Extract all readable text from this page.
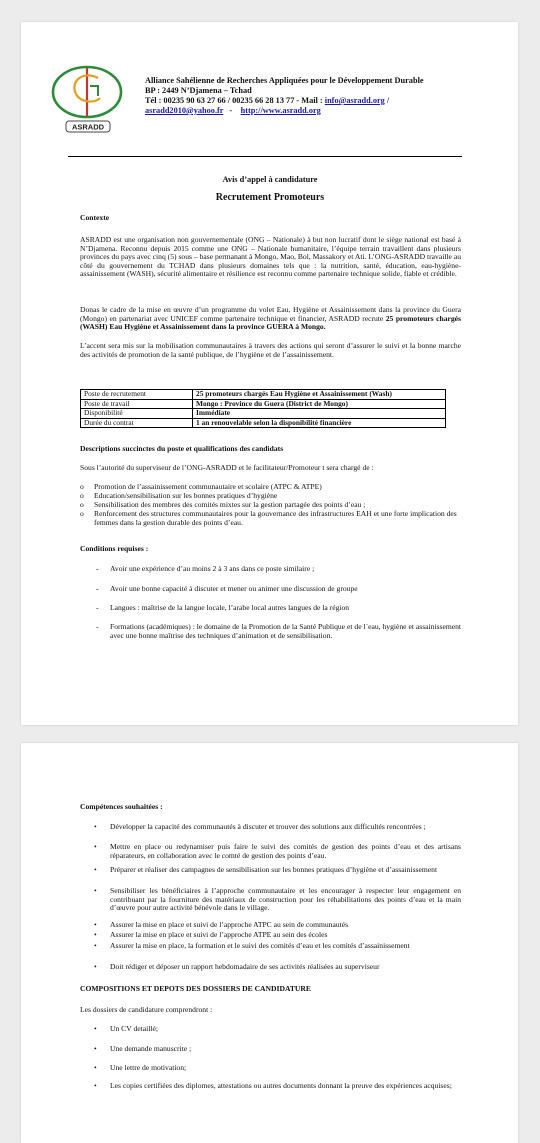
ASRADD
Alliance Sahélienne de Recherches Appliquées pour le Développement Durable
BP : 2449 N’Djamena – Tchad
Tél : 00235 90 63 27 66 / 00235 66 28 13 77 - Mail : info@asradd.org /
asradd2010@yahoo.fr   -    http://www.asradd.org
Avis d’appel à candidature
Recrutement Promoteurs
Contexte
ASRADD est une organisation non gouvernementale (ONG – Nationale) à but non lucratif dont le siège national est basé à N’Djamena. Reconnu depuis 2015 comme une ONG – Nationale humanitaire, l’équipe terrain travaillent dans plusieurs provinces du pays avec cinq (5) sous – base permanant à Mongo, Mao, Bol, Massakory et Ati. L’ONG-ASRADD travaille au côté du gouvernement du TCHAD dans plusieurs domaines tels que : la nutrition, santé, éducation, eau-hygiène-assainissement (WASH), sécurité alimentaire et résilience est reconnu comme partenaire technique solide, fiable et crédible.
Donas le cadre de la mise en œuvre d’un programme du volet Eau, Hygiène et Assainissement dans la province du Guera (Mongo) en partenariat avec UNICEF comme partenaire technique et financier, ASRADD recrute 25 promoteurs chargés (WASH) Eau Hygiène et Assainissement dans la province GUERA à Mongo.
L’accent sera mis sur la mobilisation communautaires à travers des actions qui seront d’assurer le suivi et la bonne marche des activités de promotion de la santé publique, de l’hygiène et de l’assainissement.
Poste de recrutement	25 promoteurs chargés Eau Hygiène et Assainissement (Wash)
Poste de travail	Mongo : Province du Guera (District de Mongo)
Disponibilité	Immédiate
Durée du contrat	1 an renouvelable selon la disponibilité financière
Descriptions succinctes du poste et qualifications des candidats
Sous l’autorité du superviseur de l’ONG-ASRADD et le facilitateur/Promoteur t sera chargé de :
o Promotion de l’assainissement communautaire et scolaire (ATPC & ATPE)
o Education/sensibilisation sur les bonnes pratiques d’hygiène
o Sensibilisation des membres des comités mixtes sur la gestion partagée des points d’eau ;
o Renforcement des structures communautaires pour la gouvernance des infrastructures EAH et une forte implication des femmes dans la gestion durable des points d’eau.
Conditions requises :
- Avoir une expérience d’au moins 2 à 3 ans dans ce poste similaire ;
- Avoir une bonne capacité à discuter et mener ou animer une discussion de groupe
- Langues : maîtrise de la langue locale, l’arabe local autres langues de la région
- Formations (académiques) : le domaine de la Promotion de la Santé Publique et de l´eau, hygiène et assainissement avec une bonne maîtrise des techniques d’animation et de sensibilisation.
Compétences souhaitées :
• Développer la capacité des communautés à discuter et trouver des solutions aux difficultés rencontrées ;
• Mettre en place ou redynamiser puis faire le suivi des comités de gestion des points d’eau et des artisans réparateurs, en collaboration avec le comté de gestion des points d’eau.
• Préparer et réaliser des campagnes de sensibilisation sur les bonnes pratiques d’hygiène et d’assainissement
• Sensibiliser les bénéficiaires à l’approche communautaire et les encourager à respecter leur engagement en contribuant par la fourniture des matériaux de construction pour les réhabilitations des points d’eau et la main d’œuvre pour autre activité bénévole dans le village.
• Assurer la mise en place et suivi de l’approche ATPC au sein de communautés
• Assurer la mise en place et suivi de l’approche ATPE au sein des écoles
• Assurer la mise en place, la formation et le suivi des comités d’eau et les comités d’assainissement
• Doit rédiger et déposer un rapport hebdomadaire de ses activités réalisées au superviseur
COMPOSITIONS ET DEPOTS DES DOSSIERS DE CANDIDATURE
Les dossiers de candidature comprendront :
• Un CV detaillé;
• Une demande manuscrite ;
• Une lettre de motivation;
• Les copies certifiées des diplomes, attestations ou autres documents donnant la preuve des expériences acquises;
